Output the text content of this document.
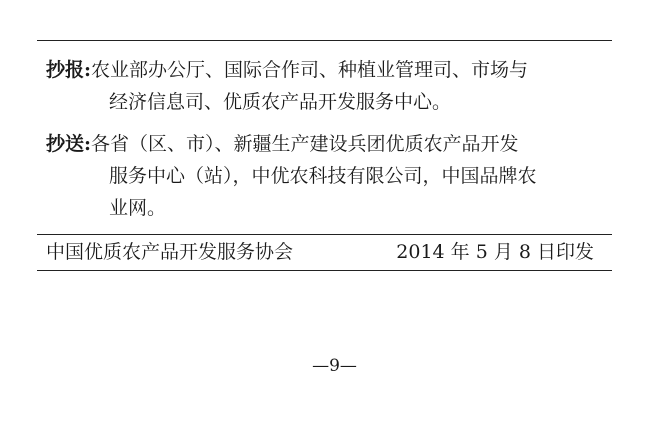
抄报:农业部办公厅、国际合作司、种植业管理司、市场与
经济信息司、优质农产品开发服务中心。
抄送:各省（区、市）、新疆生产建设兵团优质农产品开发
服务中心（站），中优农科技有限公司，中国品牌农
业网。
中国优质农产品开发服务协会	2014 年 5 月 8 日印发
—9—
